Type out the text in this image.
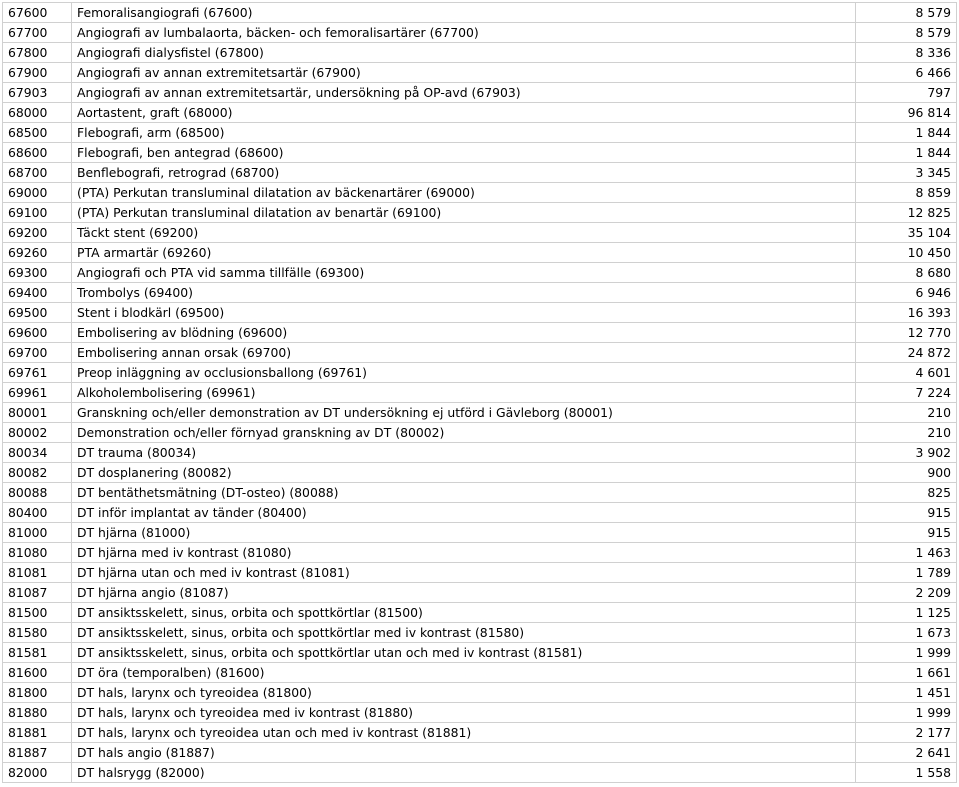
67600	Femoralisangiografi (67600)	8 579
67700	Angiografi av lumbalaorta, bäcken- och femoralisartärer (67700)	8 579
67800	Angiografi dialysfistel (67800)	8 336
67900	Angiografi av annan extremitetsartär (67900)	6 466
67903	Angiografi av annan extremitetsartär, undersökning på OP-avd (67903)	797
68000	Aortastent, graft (68000)	96 814
68500	Flebografi, arm (68500)	1 844
68600	Flebografi, ben antegrad (68600)	1 844
68700	Benflebografi, retrograd (68700)	3 345
69000	(PTA) Perkutan transluminal dilatation av bäckenartärer (69000)	8 859
69100	(PTA) Perkutan transluminal dilatation av benartär (69100)	12 825
69200	Täckt stent (69200)	35 104
69260	PTA armartär (69260)	10 450
69300	Angiografi och PTA vid samma tillfälle (69300)	8 680
69400	Trombolys (69400)	6 946
69500	Stent i blodkärl (69500)	16 393
69600	Embolisering av blödning (69600)	12 770
69700	Embolisering annan orsak (69700)	24 872
69761	Preop inläggning av occlusionsballong (69761)	4 601
69961	Alkoholembolisering (69961)	7 224
80001	Granskning och/eller demonstration av DT undersökning ej utförd i Gävleborg (80001)	210
80002	Demonstration och/eller förnyad granskning av DT (80002)	210
80034	DT trauma (80034)	3 902
80082	DT dosplanering (80082)	900
80088	DT bentäthetsmätning (DT-osteo) (80088)	825
80400	DT inför implantat av tänder (80400)	915
81000	DT hjärna (81000)	915
81080	DT hjärna med iv kontrast (81080)	1 463
81081	DT hjärna utan och med iv kontrast (81081)	1 789
81087	DT hjärna angio (81087)	2 209
81500	DT ansiktsskelett, sinus, orbita och spottkörtlar (81500)	1 125
81580	DT ansiktsskelett, sinus, orbita och spottkörtlar med iv kontrast (81580)	1 673
81581	DT ansiktsskelett, sinus, orbita och spottkörtlar utan och med iv kontrast (81581)	1 999
81600	DT öra (temporalben) (81600)	1 661
81800	DT hals, larynx och tyreoidea (81800)	1 451
81880	DT hals, larynx och tyreoidea med iv kontrast (81880)	1 999
81881	DT hals, larynx och tyreoidea utan och med iv kontrast (81881)	2 177
81887	DT hals angio (81887)	2 641
82000	DT halsrygg (82000)	1 558
